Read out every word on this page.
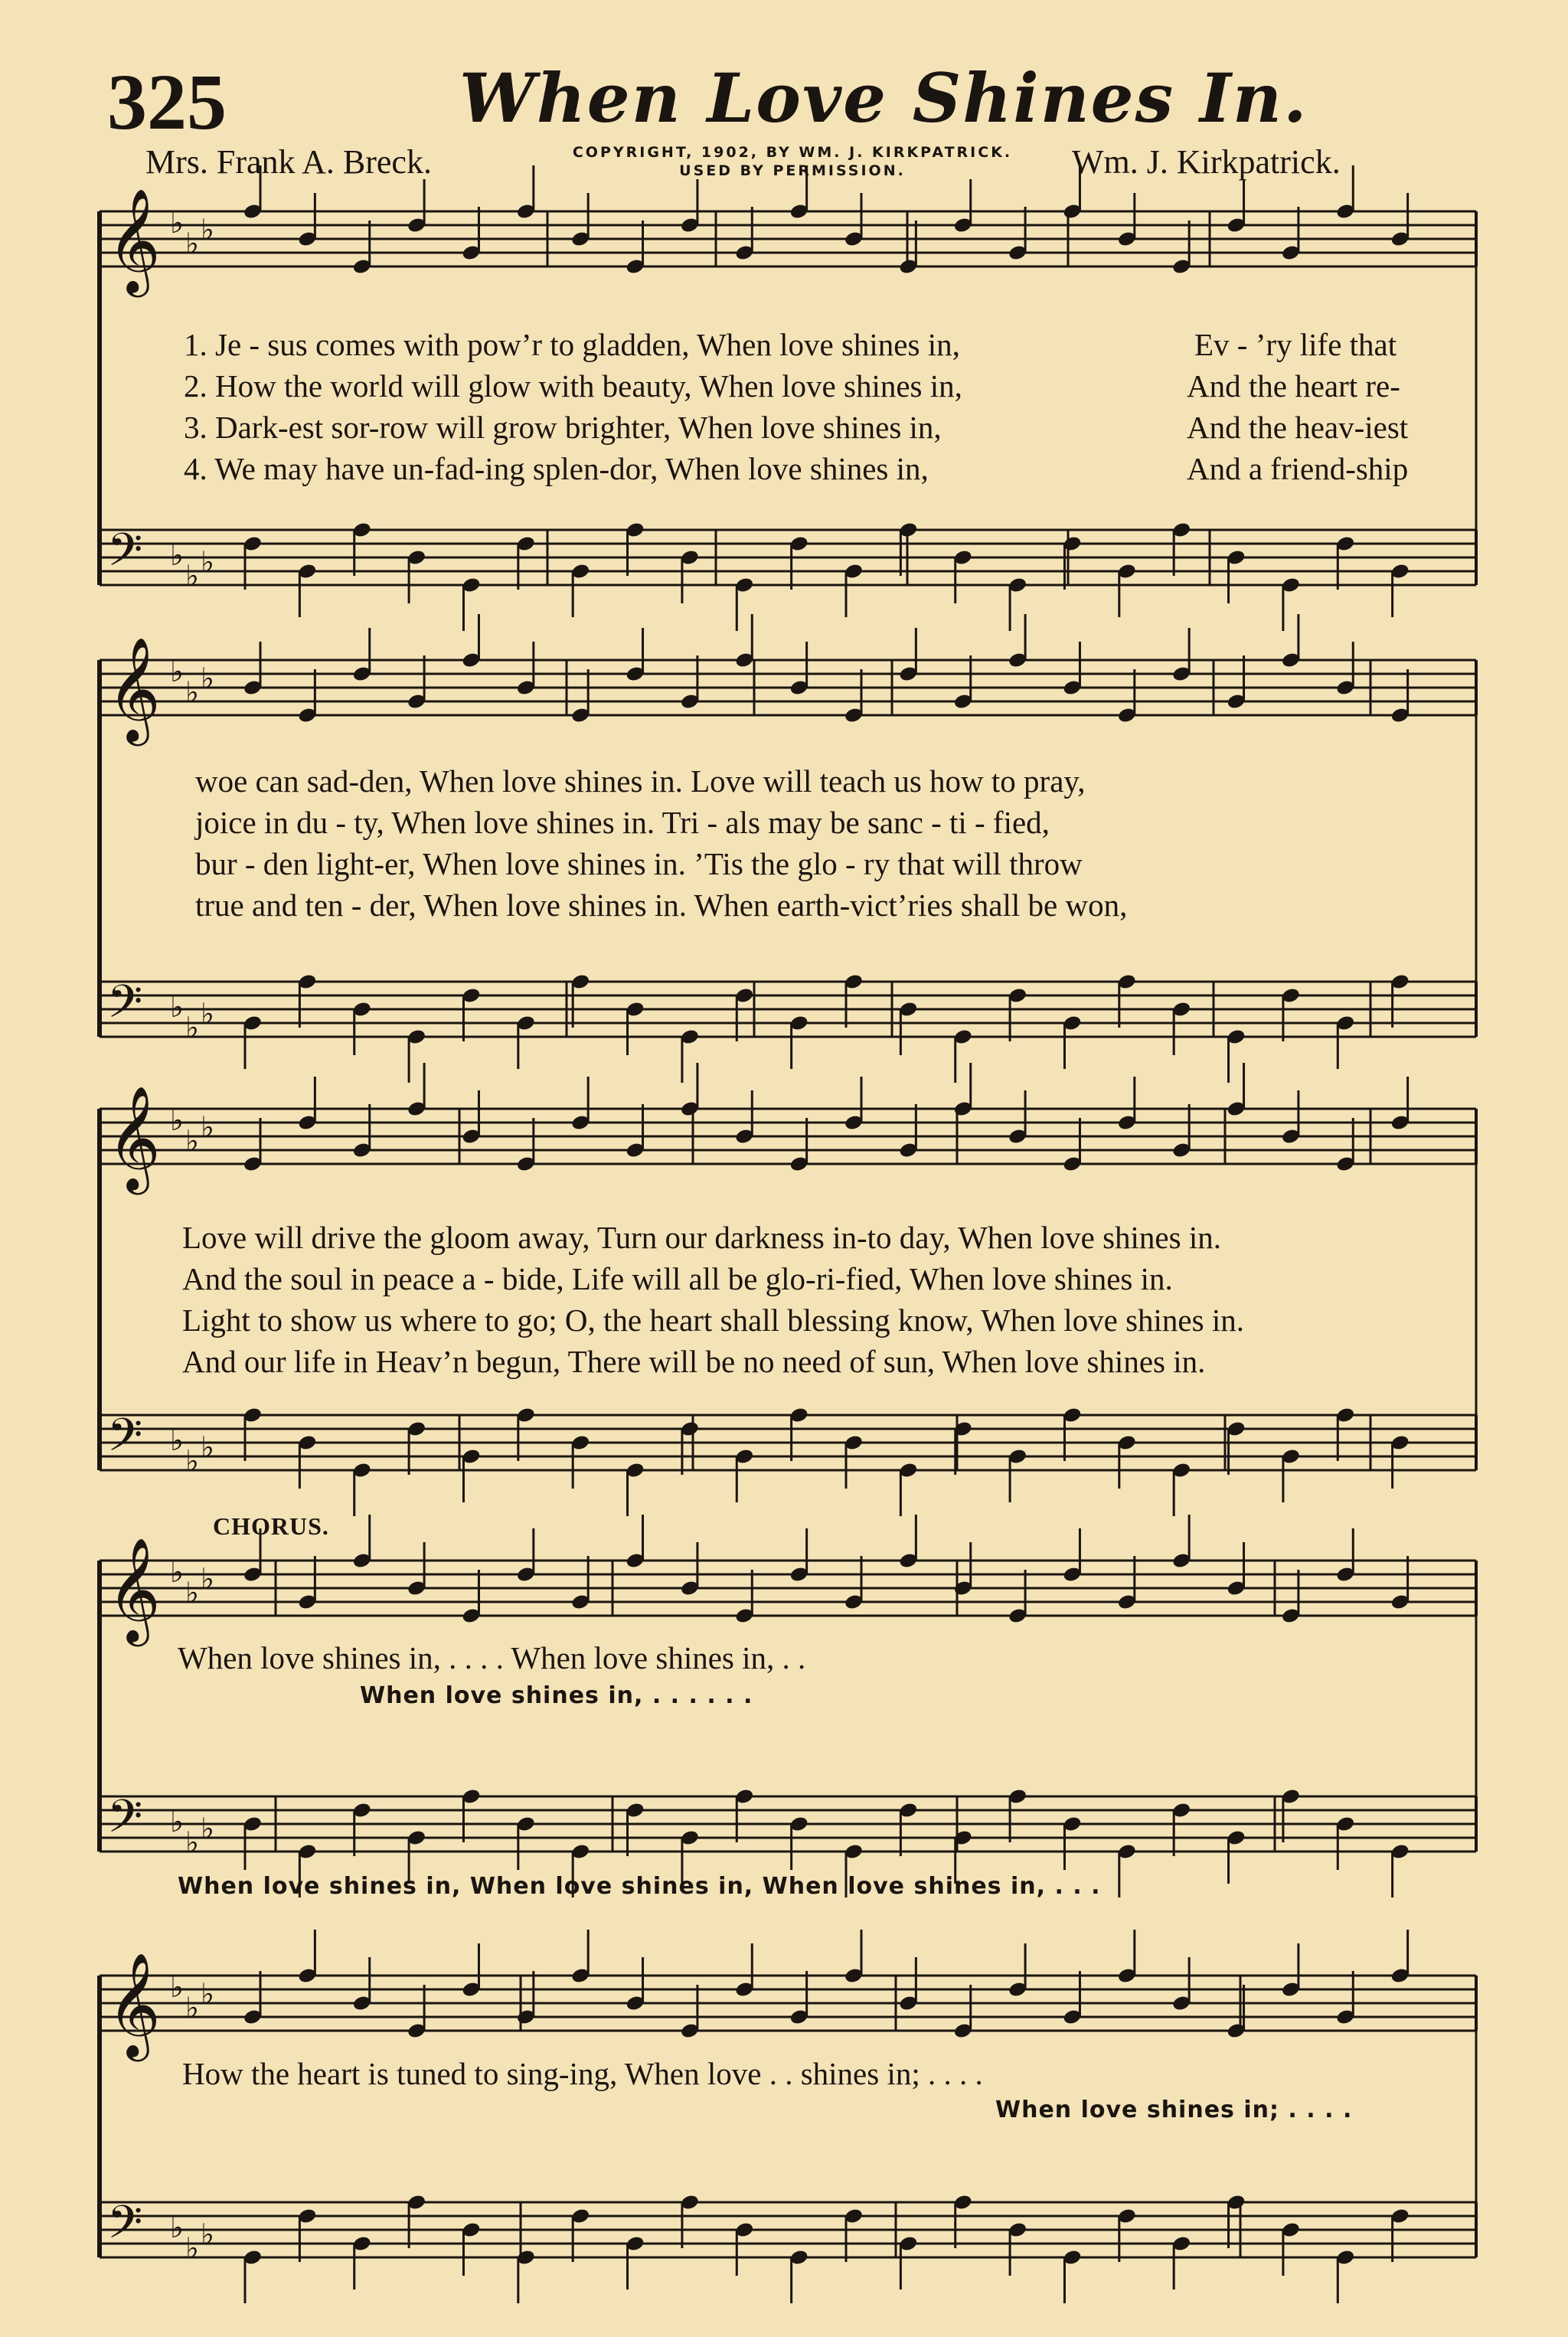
325	When Love Shines In.
Mrs. Frank A. Breck.	COPYRIGHT, 1902, BY WM. J. KIRKPATRICK.
USED BY PERMISSION.	Wm. J. Kirkpatrick.
𝄞 ♭
♭ ♭
𝄢 ♭
♭ ♭
𝄞 ♭
♭ ♭
𝄢 ♭
♭ ♭
𝄞 ♭
♭ ♭
𝄢 ♭
♭ ♭
𝄞 ♭
♭ ♭
𝄢 ♭
♭ ♭
𝄞 ♭
♭ ♭
𝄢 ♭
♭ ♭
1. Je - sus comes with pow’r to gladden, When love shines in,	Ev - ’ry life that
2. How the world will glow with beauty, When love shines in,	And the heart re-
3. Dark-est sor-row will grow brighter, When love shines in,	And the heav-iest
4. We may have un-fad-ing splen-dor, When love shines in,	And a friend-ship
woe can sad-den, When love shines in. Love will teach us how to pray,
joice in du - ty, When love shines in. Tri - als may be sanc - ti - fied,
bur - den light-er, When love shines in. ’Tis the glo - ry that will throw
true and ten - der, When love shines in. When earth-vict’ries shall be won,
Love will drive the gloom away, Turn our darkness in-to day, When love shines in.
And the soul in peace a - bide, Life will all be glo-ri-fied, When love shines in.
Light to show us where to go; O, the heart shall blessing know, When love shines in.
And our life in Heav’n begun, There will be no need of sun, When love shines in.
CHORUS.
When love shines in, . . . . When love shines in, . .
When love shines in, . . . . . .
When love shines in, When love shines in, When love shines in, . . .
How the heart is tuned to sing-ing, When love . . shines in; . . . .
When love shines in; . . . .
